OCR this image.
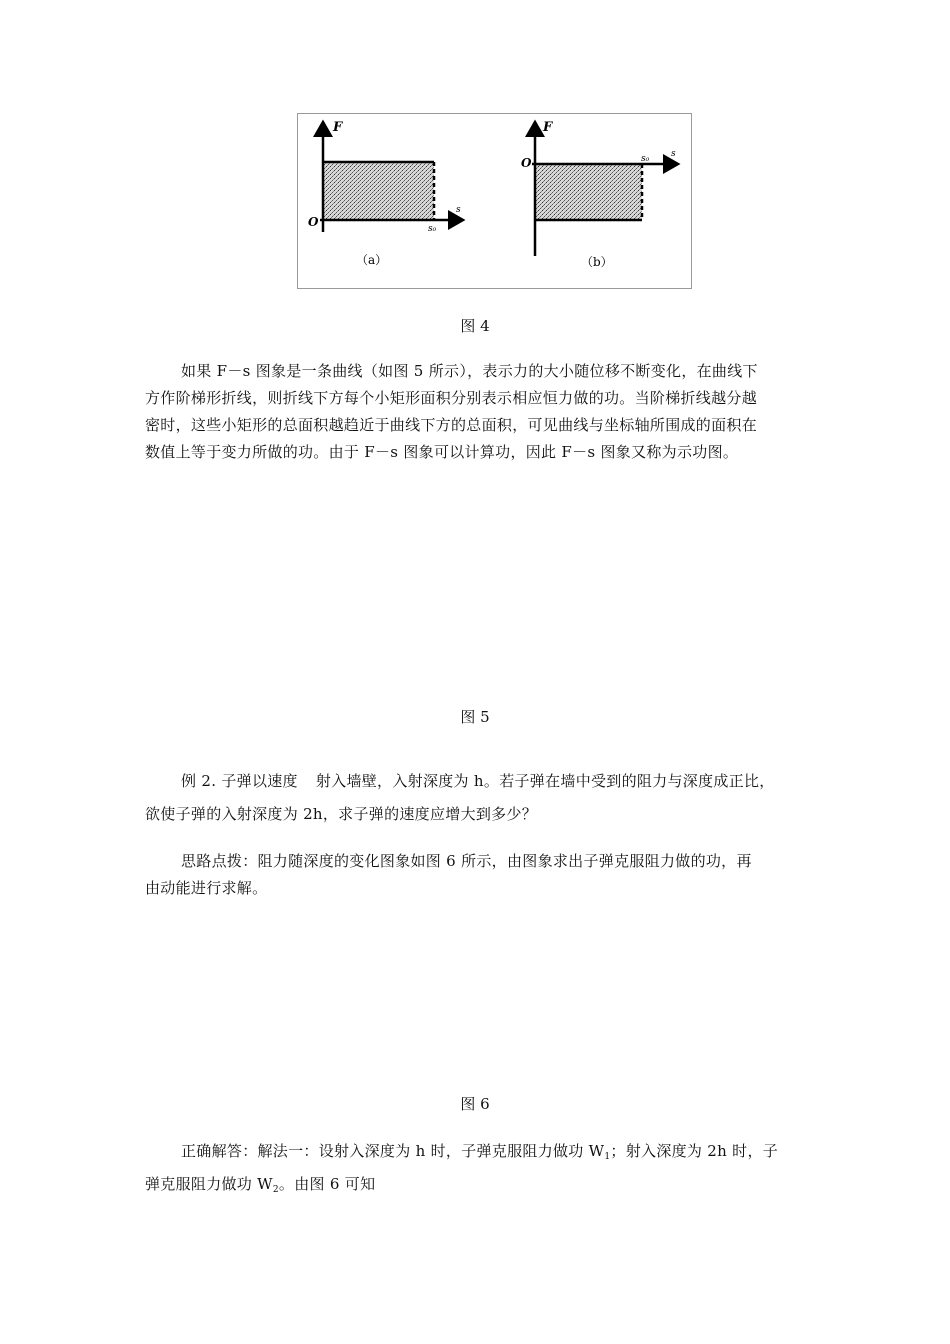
F
s
O	s₀
（a）
F
s
O	s₀
（b）
图 4
如果 F－s 图象是一条曲线（如图 5 所示），表示力的大小随位移不断变化，在曲线下
方作阶梯形折线，则折线下方每个小矩形面积分别表示相应恒力做的功。当阶梯折线越分越
密时，这些小矩形的总面积越趋近于曲线下方的总面积，可见曲线与坐标轴所围成的面积在
数值上等于变力所做的功。由于 F－s 图象可以计算功，因此 F－s 图象又称为示功图。
图 5
例 2. 子弹以速度 射入墙壁，入射深度为 h。若子弹在墙中受到的阻力与深度成正比，
欲使子弹的入射深度为 2h，求子弹的速度应增大到多少？
思路点拨：阻力随深度的变化图象如图 6 所示，由图象求出子弹克服阻力做的功，再
由动能进行求解。
图 6
正确解答：解法一：设射入深度为 h 时，子弹克服阻力做功 $W_1$；射入深度为 2h 时，子
弹克服阻力做功 $W_2$。由图 6 可知
